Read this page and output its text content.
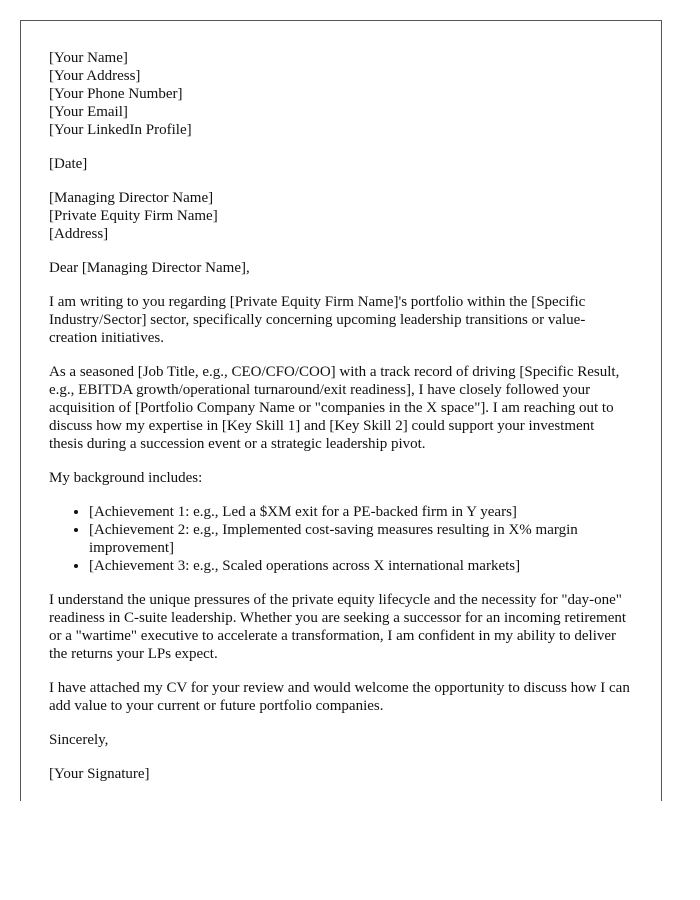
[Your Name]
[Your Address]
[Your Phone Number]
[Your Email]
[Your LinkedIn Profile]

[Date]

[Managing Director Name]
[Private Equity Firm Name]
[Address]

Dear [Managing Director Name],

I am writing to you regarding [Private Equity Firm Name]'s portfolio within the [Specific Industry/Sector] sector, specifically concerning upcoming leadership transitions or value-creation initiatives.

As a seasoned [Job Title, e.g., CEO/CFO/COO] with a track record of driving [Specific Result, e.g., EBITDA growth/operational turnaround/exit readiness], I have closely followed your acquisition of [Portfolio Company Name or "companies in the X space"]. I am reaching out to discuss how my expertise in [Key Skill 1] and [Key Skill 2] could support your investment thesis during a succession event or a strategic leadership pivot.

My background includes:

• [Achievement 1: e.g., Led a $XM exit for a PE-backed firm in Y years]
• [Achievement 2: e.g., Implemented cost-saving measures resulting in X% margin improvement]
• [Achievement 3: e.g., Scaled operations across X international markets]

I understand the unique pressures of the private equity lifecycle and the necessity for "day-one" readiness in C-suite leadership. Whether you are seeking a successor for an incoming retirement or a "wartime" executive to accelerate a transformation, I am confident in my ability to deliver the returns your LPs expect.

I have attached my CV for your review and would welcome the opportunity to discuss how I can add value to your current or future portfolio companies.

Sincerely,

[Your Signature]
